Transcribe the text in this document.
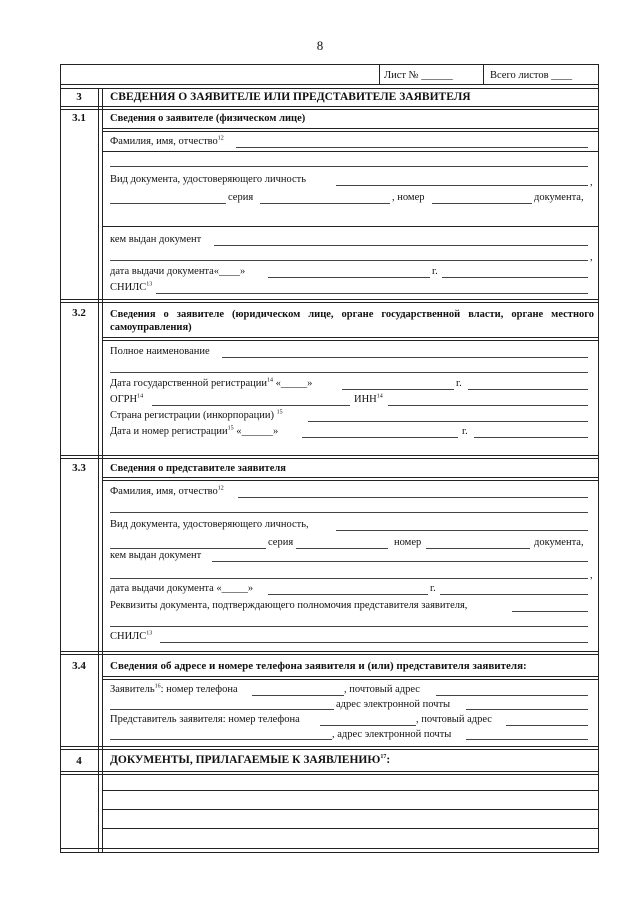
8
Лист № ______	Всего листов ____
3	СВЕДЕНИЯ О ЗАЯВИТЕЛЕ ИЛИ ПРЕДСТАВИТЕЛЕ ЗАЯВИТЕЛЯ
3.1	Сведения о заявителе (физическом лице)
Фамилия, имя, отчество$^{12}$
Вид документа, удостоверяющего личность	,
серия	, номер	документа,
кем выдан документ
,
дата выдачи документа«____»	г.
СНИЛС$^{13}$
3.2	Сведения о заявителе (юридическом лице, органе государственной власти, органе местного самоуправления)
Полное наименование
Дата государственной регистрации$^{14}$ «_____»	г.
ОГРН$^{14}$	ИНН$^{14}$
Страна регистрации (инкорпорации) $^{15}$
Дата и номер регистрации$^{15}$ «______»	г.
3.3	Сведения о представителе заявителя
Фамилия, имя, отчество$^{12}$
Вид документа, удостоверяющего личность,
серия	номер	документа,
кем выдан документ
,
дата выдачи документа «_____»	г.
Реквизиты документа, подтверждающего полномочия представителя заявителя,
СНИЛС$^{13}$
3.4	Сведения об адресе и номере телефона заявителя и (или) представителя заявителя:
Заявитель$^{16}$: номер телефона	, почтовый адрес
адрес электронной почты
Представитель заявителя: номер телефона	, почтовый адрес
, адрес электронной почты
4	ДОКУМЕНТЫ, ПРИЛАГАЕМЫЕ К ЗАЯВЛЕНИЮ$^{17}$:
